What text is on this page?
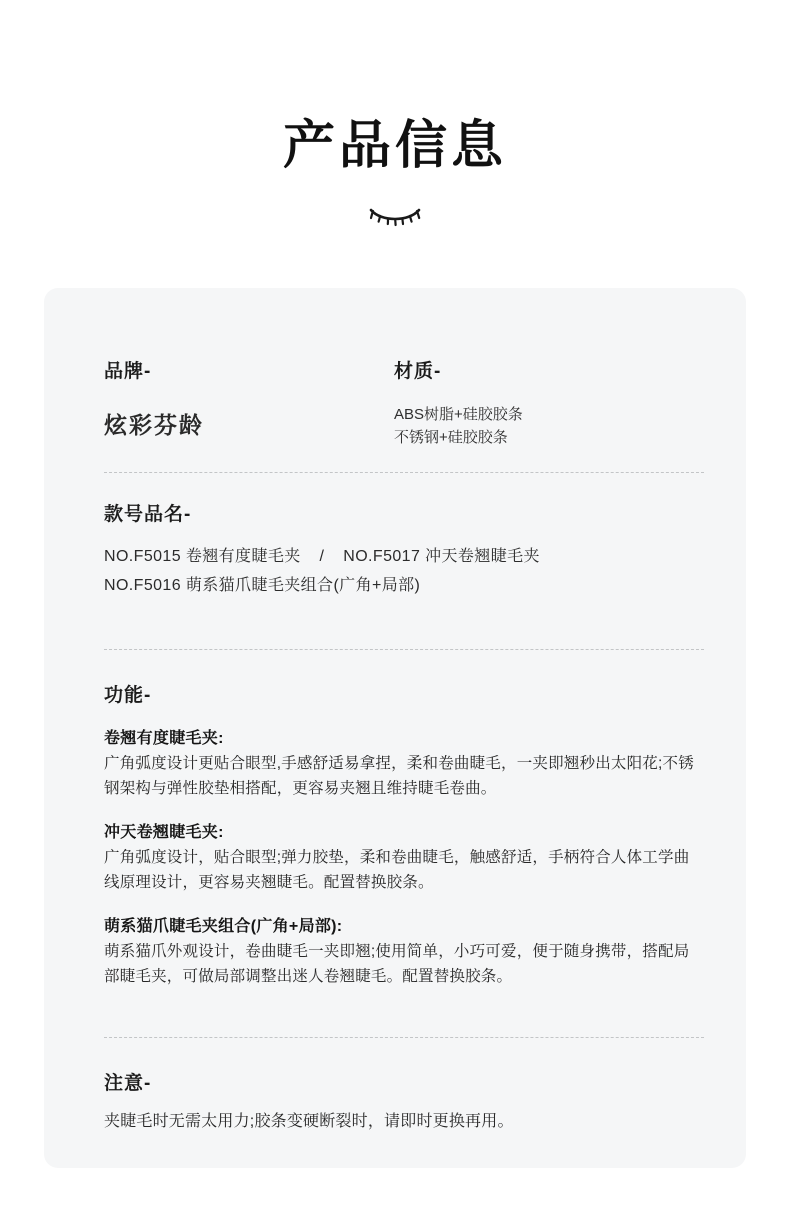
产品信息
品牌-
炫彩芬龄
材质-
ABS树脂+硅胶胶条
不锈钢+硅胶胶条
款号品名-
NO.F5015 卷翘有度睫毛夹 / NO.F5017 冲天卷翘睫毛夹
NO.F5016 萌系猫爪睫毛夹组合(广角+局部)
功能-

卷翘有度睫毛夹:

广角弧度设计更贴合眼型,手感舒适易拿捏，柔和卷曲睫毛，一夹即翘秒出太阳花;不锈钢架构与弹性胶垫相搭配，更容易夹翘且维持睫毛卷曲。

冲天卷翘睫毛夹:

广角弧度设计，贴合眼型;弹力胶垫，柔和卷曲睫毛，触感舒适，手柄符合人体工学曲线原理设计，更容易夹翘睫毛。配置替换胶条。

萌系猫爪睫毛夹组合(广角+局部):

萌系猫爪外观设计，卷曲睫毛一夹即翘;使用简单，小巧可爱，便于随身携带，搭配局部睫毛夹，可做局部调整出迷人卷翘睫毛。配置替换胶条。

注意-
夹睫毛时无需太用力;胶条变硬断裂时，请即时更换再用。
